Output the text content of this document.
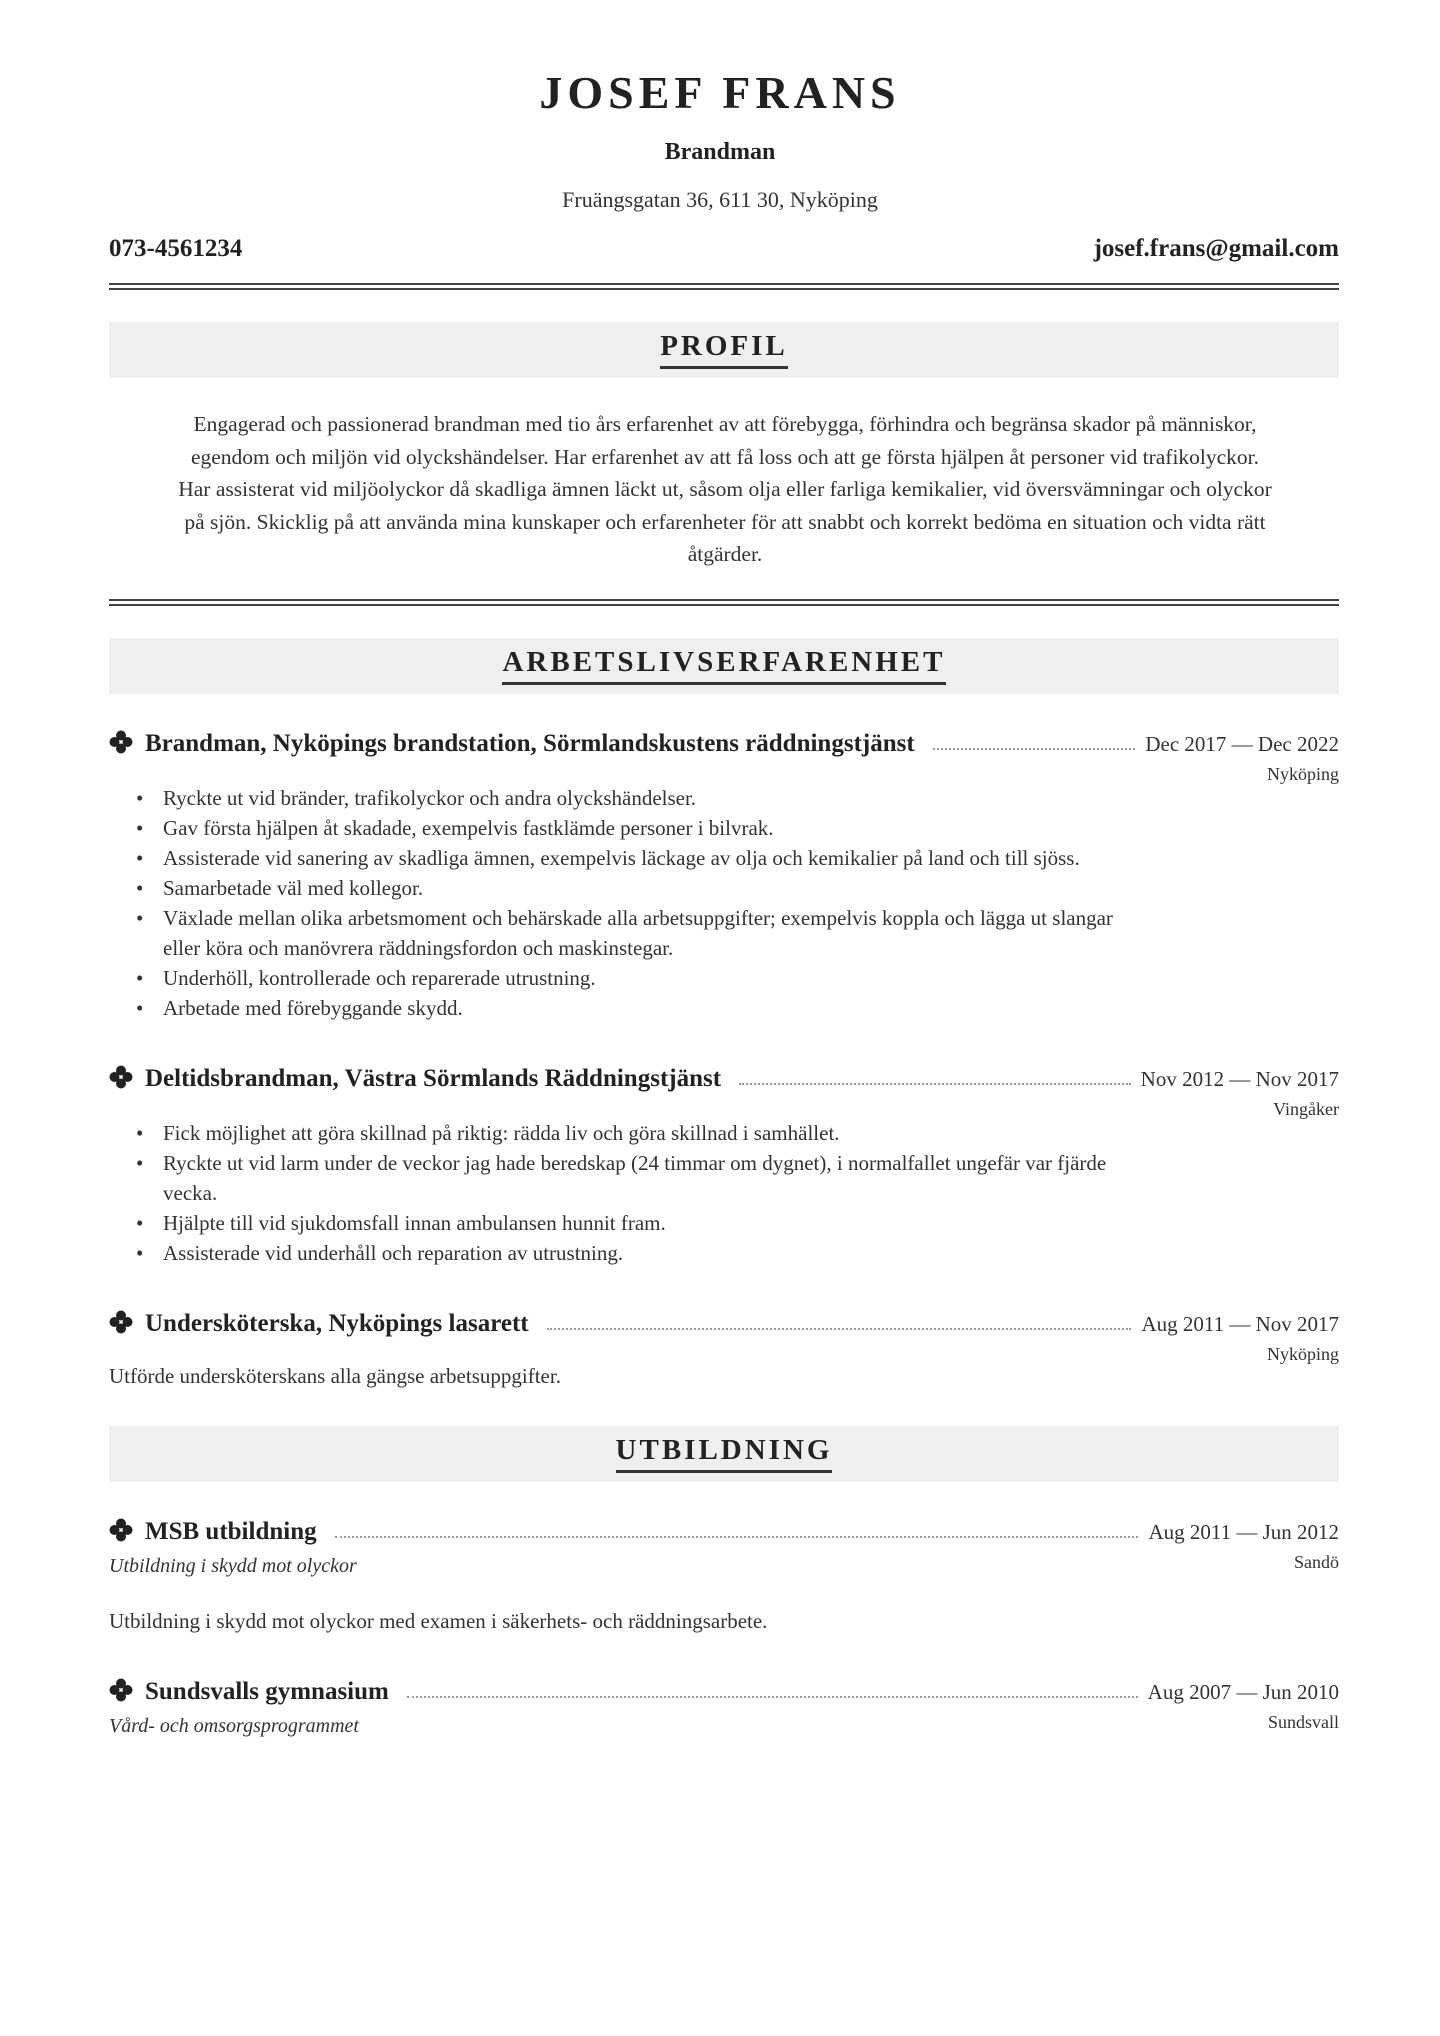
JOSEF FRANS
Brandman
Fruängsgatan 36, 611 30, Nyköping
073-4561234	josef.frans@gmail.com
PROFIL
Engagerad och passionerad brandman med tio års erfarenhet av att förebygga, förhindra och begränsa skador på människor,
egendom och miljön vid olyckshändelser. Har erfarenhet av att få loss och att ge första hjälpen åt personer vid trafikolyckor.
Har assisterat vid miljöolyckor då skadliga ämnen läckt ut, såsom olja eller farliga kemikalier, vid översvämningar och olyckor
på sjön. Skicklig på att använda mina kunskaper och erfarenheter för att snabbt och korrekt bedöma en situation och vidta rätt
åtgärder.
ARBETSLIVSERFARENHET
Brandman, Nyköpings brandstation, Sörmlandskustens räddningstjänst	Dec 2017 — Dec 2022
Nyköping
• Ryckte ut vid bränder, trafikolyckor och andra olyckshändelser.
• Gav första hjälpen åt skadade, exempelvis fastklämde personer i bilvrak.
• Assisterade vid sanering av skadliga ämnen, exempelvis läckage av olja och kemikalier på land och till sjöss.
• Samarbetade väl med kollegor.
• Växlade mellan olika arbetsmoment och behärskade alla arbetsuppgifter; exempelvis koppla och lägga ut slangar eller köra och manövrera räddningsfordon och maskinstegar.
• Underhöll, kontrollerade och reparerade utrustning.
• Arbetade med förebyggande skydd.
Deltidsbrandman, Västra Sörmlands Räddningstjänst	Nov 2012 — Nov 2017
Vingåker
• Fick möjlighet att göra skillnad på riktig: rädda liv och göra skillnad i samhället.
• Ryckte ut vid larm under de veckor jag hade beredskap (24 timmar om dygnet), i normalfallet ungefär var fjärde vecka.
• Hjälpte till vid sjukdomsfall innan ambulansen hunnit fram.
• Assisterade vid underhåll och reparation av utrustning.
Undersköterska, Nyköpings lasarett	Aug 2011 — Nov 2017
Nyköping
Utförde undersköterskans alla gängse arbetsuppgifter.
UTBILDNING
MSB utbildning	Aug 2011 — Jun 2012
Utbildning i skydd mot olyckor	Sandö
Utbildning i skydd mot olyckor med examen i säkerhets- och räddningsarbete.
Sundsvalls gymnasium	Aug 2007 — Jun 2010
Vård- och omsorgsprogrammet	Sundsvall
